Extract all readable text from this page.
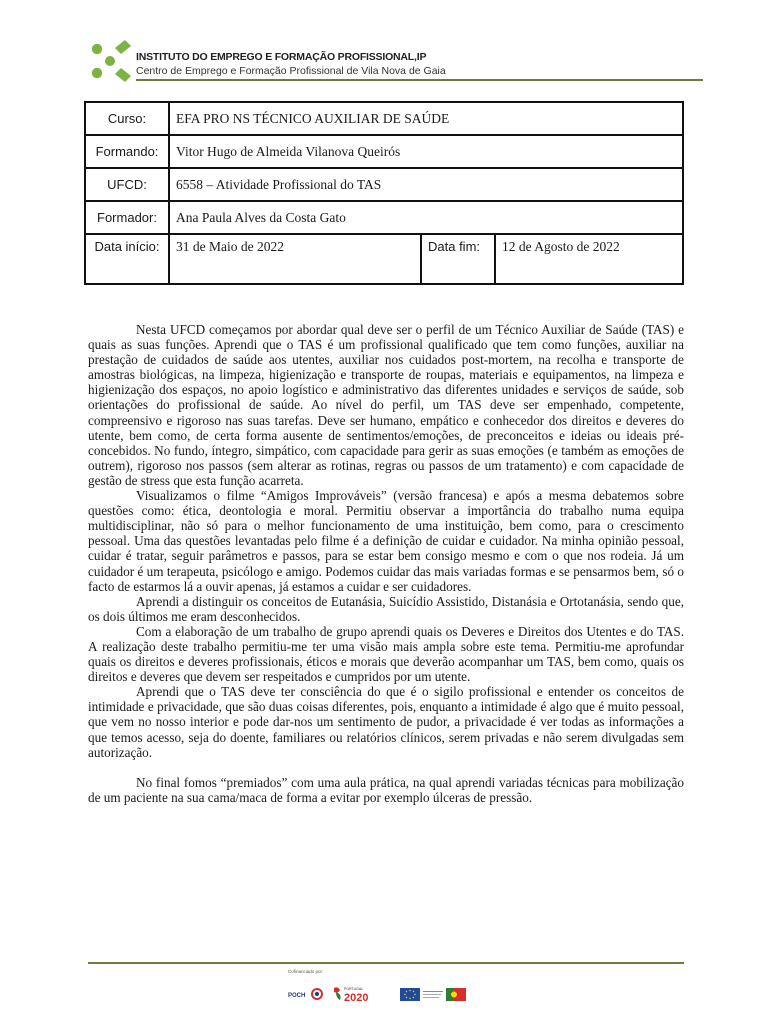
INSTITUTO DO EMPREGO E FORMAÇÃO PROFISSIONAL,IP
Centro de Emprego e Formação Profissional de Vila Nova de Gaia
Curso:	EFA PRO NS TÉCNICO AUXILIAR DE SAÚDE		
Formando:	Vitor Hugo de Almeida Vilanova Queirós		
UFCD:	6558 – Atividade Profissional do TAS		
Formador:	Ana Paula Alves da Costa Gato		
Data início:	31 de Maio de 2022	Data fim:	12 de Agosto de 2022

Nesta UFCD começamos por abordar qual deve ser o perfil de um Técnico Auxiliar de Saúde (TAS) e quais as suas funções. Aprendi que o TAS é um profissional qualificado que tem como funções, auxiliar na prestação de cuidados de saúde aos utentes, auxiliar nos cuidados post-mortem, na recolha e transporte de amostras biológicas, na limpeza, higienização e transporte de roupas, materiais e equipamentos, na limpeza e higienização dos espaços, no apoio logístico e administrativo das diferentes unidades e serviços de saúde, sob orientações do profissional de saúde. Ao nível do perfil, um TAS deve ser empenhado, competente, compreensivo e rigoroso nas suas tarefas. Deve ser humano, empático e conhecedor dos direitos e deveres do utente, bem como, de certa forma ausente de sentimentos/emoções, de preconceitos e ideias ou ideais pré-concebidos. No fundo, íntegro, simpático, com capacidade para gerir as suas emoções (e também as emoções de outrem), rigoroso nos passos (sem alterar as rotinas, regras ou passos de um tratamento) e com capacidade de gestão de stress que esta função acarreta.

Visualizamos o filme “Amigos Improváveis” (versão francesa) e após a mesma debatemos sobre questões como: ética, deontologia e moral. Permitiu observar a importância do trabalho numa equipa multidisciplinar, não só para o melhor funcionamento de uma instituição, bem como, para o crescimento pessoal. Uma das questões levantadas pelo filme é a definição de cuidar e cuidador. Na minha opinião pessoal, cuidar é tratar, seguir parâmetros e passos, para se estar bem consigo mesmo e com o que nos rodeia. Já um cuidador é um terapeuta, psicólogo e amigo. Podemos cuidar das mais variadas formas e se pensarmos bem, só o facto de estarmos lá a ouvir apenas, já estamos a cuidar e ser cuidadores.

Aprendi a distinguir os conceitos de Eutanásia, Suicídio Assistido, Distanásia e Ortotanásia, sendo que, os dois últimos me eram desconhecidos.

Com a elaboração de um trabalho de grupo aprendi quais os Deveres e Direitos dos Utentes e do TAS. A realização deste trabalho permitiu-me ter uma visão mais ampla sobre este tema. Permitiu-me aprofundar quais os direitos e deveres profissionais, éticos e morais que deverão acompanhar um TAS, bem como, quais os direitos e deveres que devem ser respeitados e cumpridos por um utente.

Aprendi que o TAS deve ter consciência do que é o sigilo profissional e entender os conceitos de intimidade e privacidade, que são duas coisas diferentes, pois, enquanto a intimidade é algo que é muito pessoal, que vem no nosso interior e pode dar-nos um sentimento de pudor, a privacidade é ver todas as informações a que temos acesso, seja do doente, familiares ou relatórios clínicos, serem privadas e não serem divulgadas sem autorização.

No final fomos “premiados” com uma aula prática, na qual aprendi variadas técnicas para mobilização de um paciente na sua cama/maca de forma a evitar por exemplo úlceras de pressão.

Cofinanciado por:
POCH
PORTUGAL
2020
